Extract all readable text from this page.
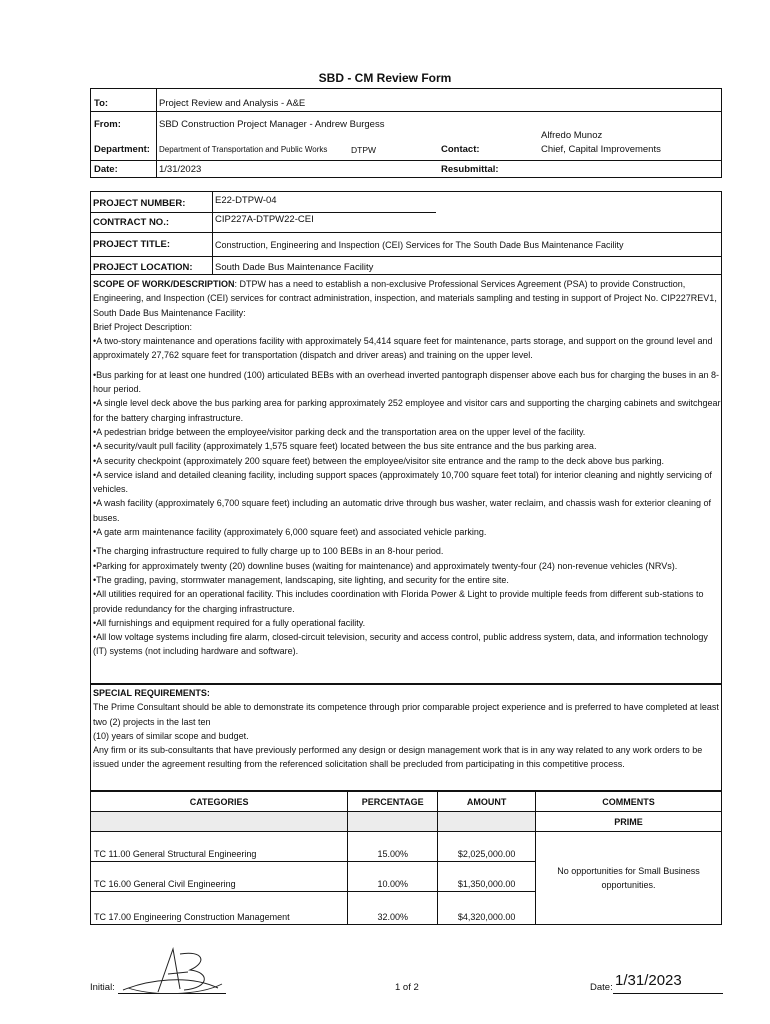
SBD - CM Review Form
To:	Project Review and Analysis - A&E
From:	SBD Construction Project Manager - Andrew Burgess
Department: Department of Transportation and Public Works	DTPW	Contact:
Alfredo Munoz
Chief, Capital Improvements
Date:	1/31/2023	Resubmittal:
PROJECT NUMBER:	E22-DTPW-04
CONTRACT NO.:	CIP227A-DTPW22-CEI
PROJECT TITLE:	Construction, Engineering and Inspection (CEI) Services for The South Dade Bus Maintenance Facility
PROJECT LOCATION: South Dade Bus Maintenance Facility

SCOPE OF WORK/DESCRIPTION: DTPW has a need to establish a non-exclusive Professional Services Agreement (PSA) to provide Construction, Engineering, and Inspection (CEI) services for contract administration, inspection, and materials sampling and testing in support of Project No. CIP227REV1, South Dade Bus Maintenance Facility:

Brief Project Description:

•A two-story maintenance and operations facility with approximately 54,414 square feet for maintenance, parts storage, and support on the ground level and approximately 27,762 square feet for transportation (dispatch and driver areas) and training on the upper level.

•Bus parking for at least one hundred (100) articulated BEBs with an overhead inverted pantograph dispenser above each bus for charging the buses in an 8-hour period.

•A single level deck above the bus parking area for parking approximately 252 employee and visitor cars and supporting the charging cabinets and switchgear for the battery charging infrastructure.

•A pedestrian bridge between the employee/visitor parking deck and the transportation area on the upper level of the facility.

•A security/vault pull facility (approximately 1,575 square feet) located between the bus site entrance and the bus parking area.

•A security checkpoint (approximately 200 square feet) between the employee/visitor site entrance and the ramp to the deck above bus parking.

•A service island and detailed cleaning facility, including support spaces (approximately 10,700 square feet total) for interior cleaning and nightly servicing of vehicles.

•A wash facility (approximately 6,700 square feet) including an automatic drive through bus washer, water reclaim, and chassis wash for exterior cleaning of buses.

•A gate arm maintenance facility (approximately 6,000 square feet) and associated vehicle parking.

•The charging infrastructure required to fully charge up to 100 BEBs in an 8-hour period.

•Parking for approximately twenty (20) downline buses (waiting for maintenance) and approximately twenty-four (24) non-revenue vehicles (NRVs).

•The grading, paving, stormwater management, landscaping, site lighting, and security for the entire site.

•All utilities required for an operational facility. This includes coordination with Florida Power & Light to provide multiple feeds from different sub-stations to provide redundancy for the charging infrastructure.

•All furnishings and equipment required for a fully operational facility.

•All low voltage systems including fire alarm, closed-circuit television, security and access control, public address system, data, and information technology (IT) systems (not including hardware and software).

SPECIAL REQUIREMENTS:

The Prime Consultant should be able to demonstrate its competence through prior comparable project experience and is preferred to have completed at least two (2) projects in the last ten

(10) years of similar scope and budget.

Any firm or its sub-consultants that have previously performed any design or design management work that is in any way related to any work orders to be issued under the agreement resulting from the referenced solicitation shall be precluded from participating in this competitive process.

CATEGORIES	PERCENTAGE	AMOUNT	COMMENTS
			PRIME
TC 11.00 General Structural Engineering	15.00%	$2,025,000.00	No opportunities for Small Business opportunities.
TC 16.00 General Civil Engineering	10.00%	$1,350,000.00	
TC 17.00 Engineering Construction Management	32.00%	$4,320,000.00	
Initial:	1 of 2	Date: 1/31/2023
